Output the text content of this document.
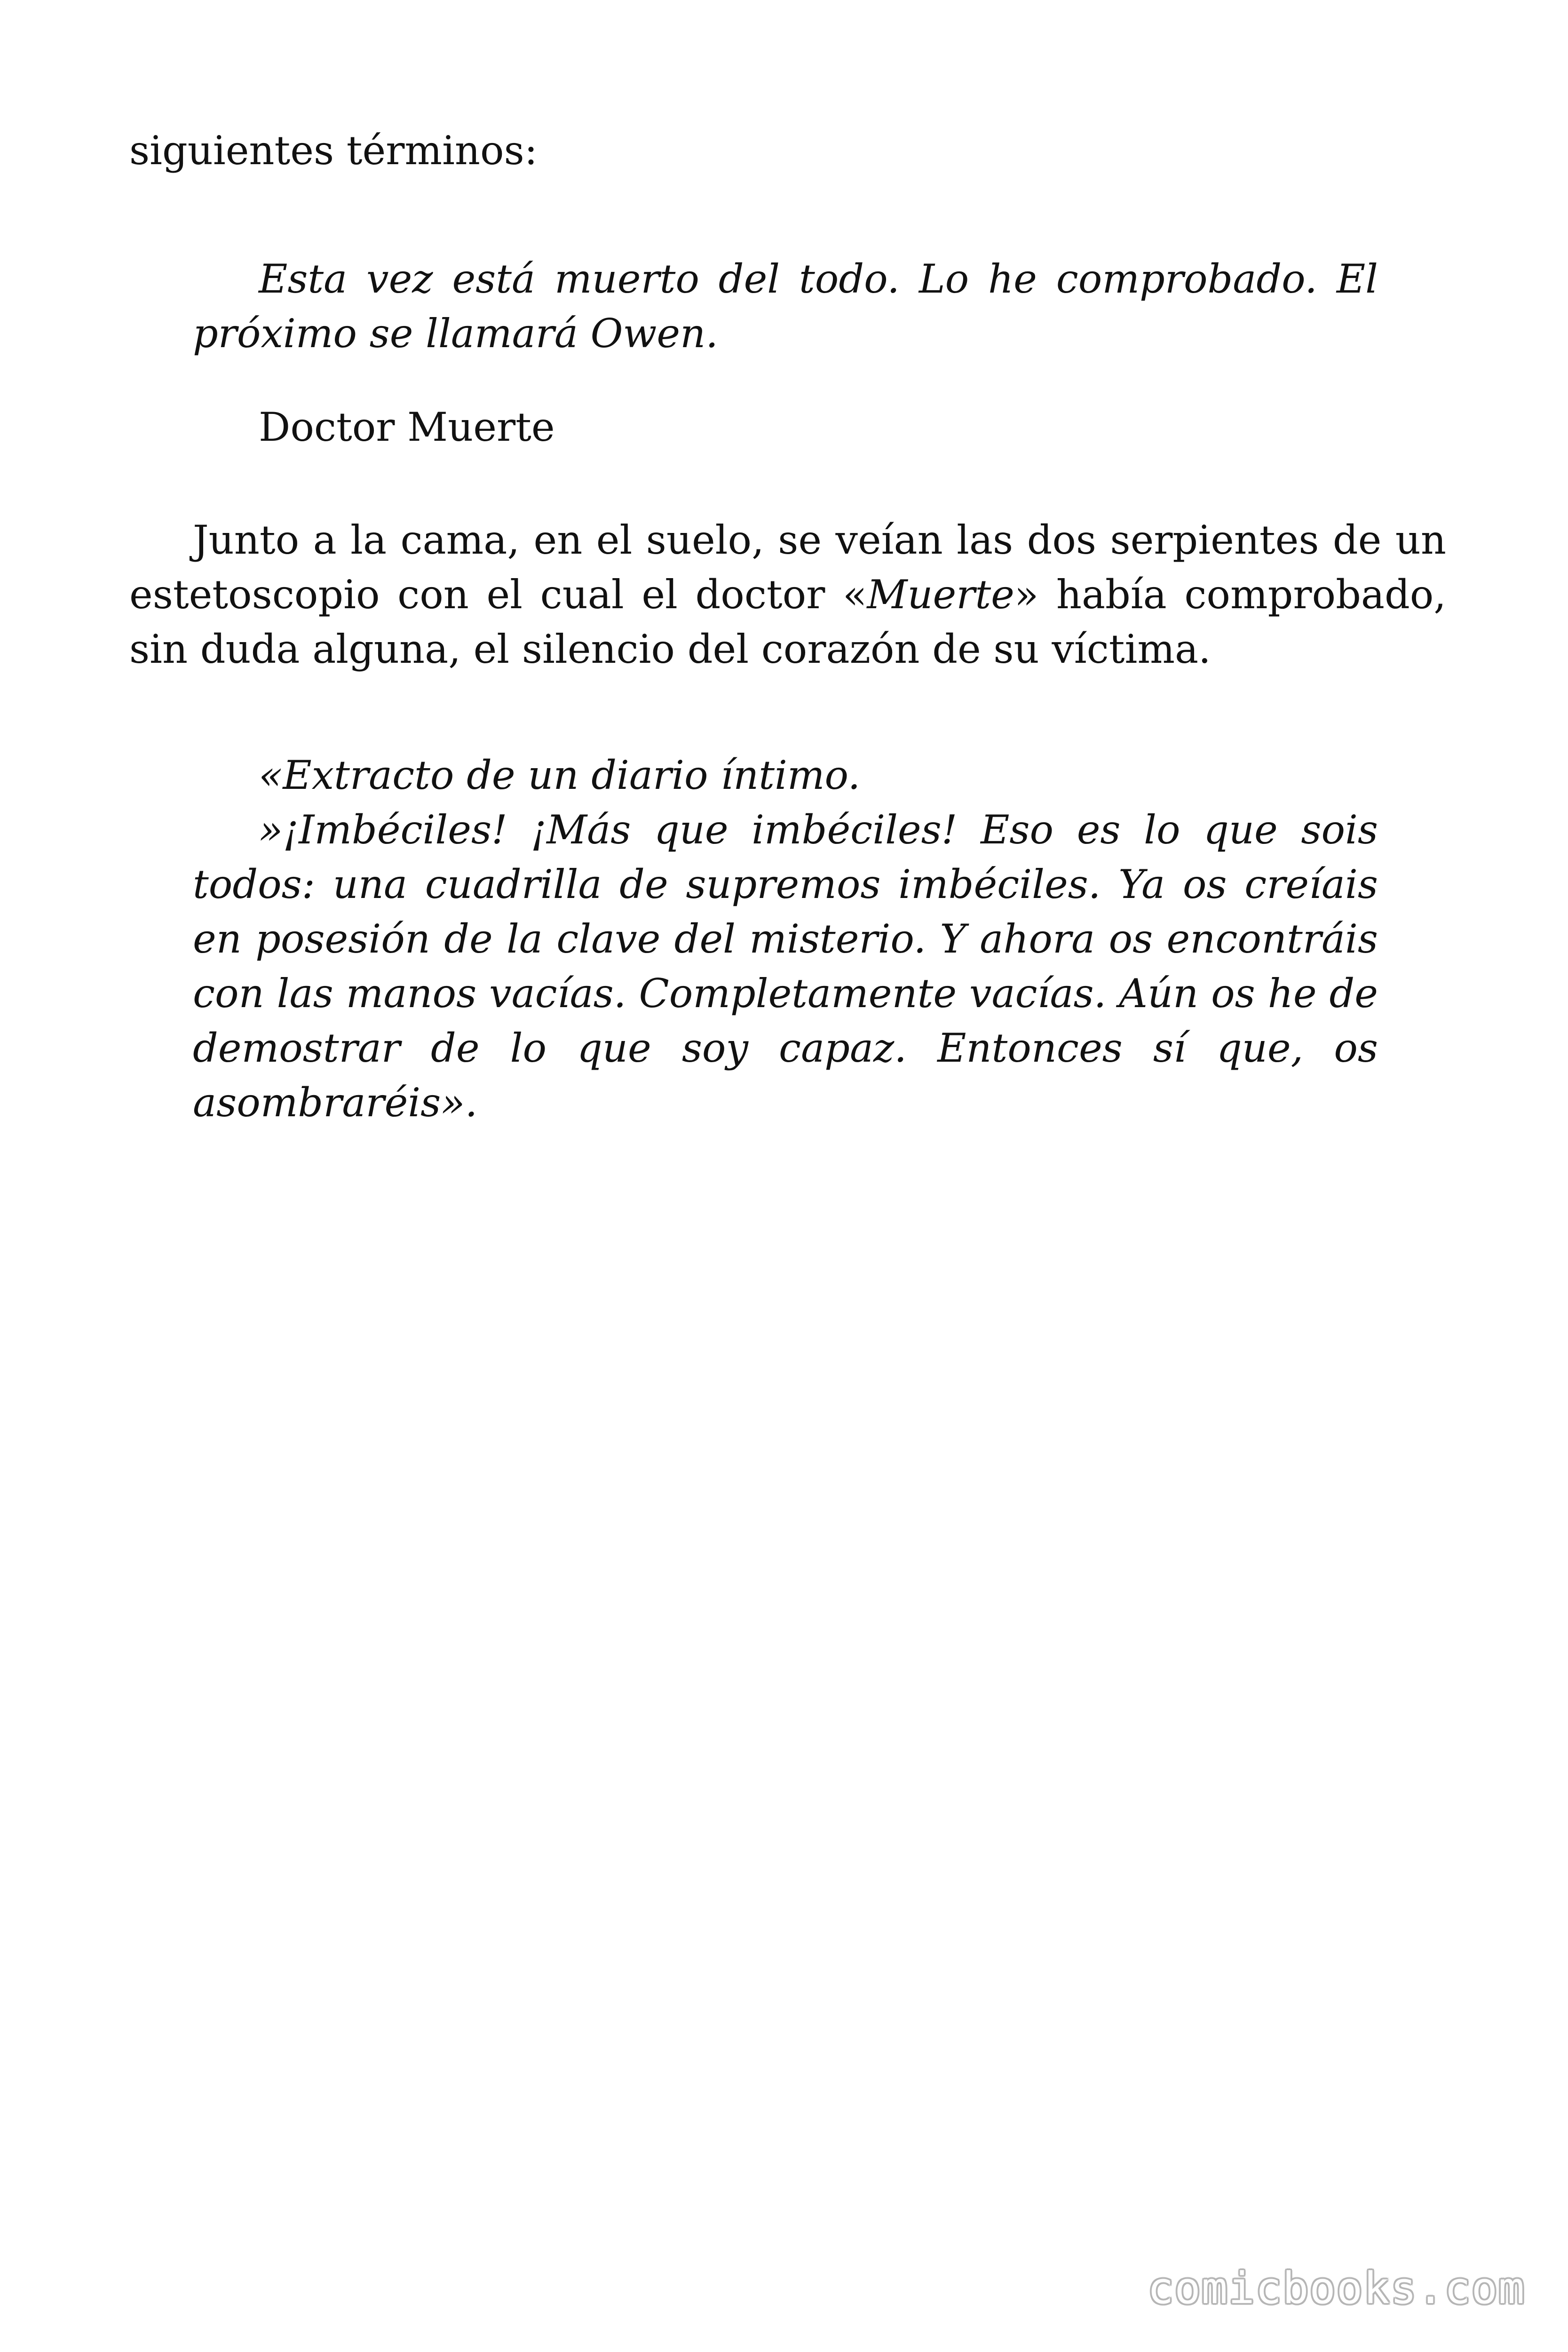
siguientes términos:

Esta vez está muerto del todo. Lo he comprobado. El próximo se llamará Owen.

Doctor Muerte

Junto a la cama, en el suelo, se veían las dos serpientes de un estetoscopio con el cual el doctor «Muerte» había comprobado, sin duda alguna, el silencio del corazón de su víctima.

«Extracto de un diario íntimo.

»¡Imbéciles! ¡Más que imbéciles! Eso es lo que sois todos: una cuadrilla de supremos imbéciles. Ya os creíais en posesión de la clave del misterio. Y ahora os encontráis con las manos vacías. Completamente vacías. Aún os he de demostrar de lo que soy capaz. Entonces sí que, os asombraréis».

comicbooks.com
